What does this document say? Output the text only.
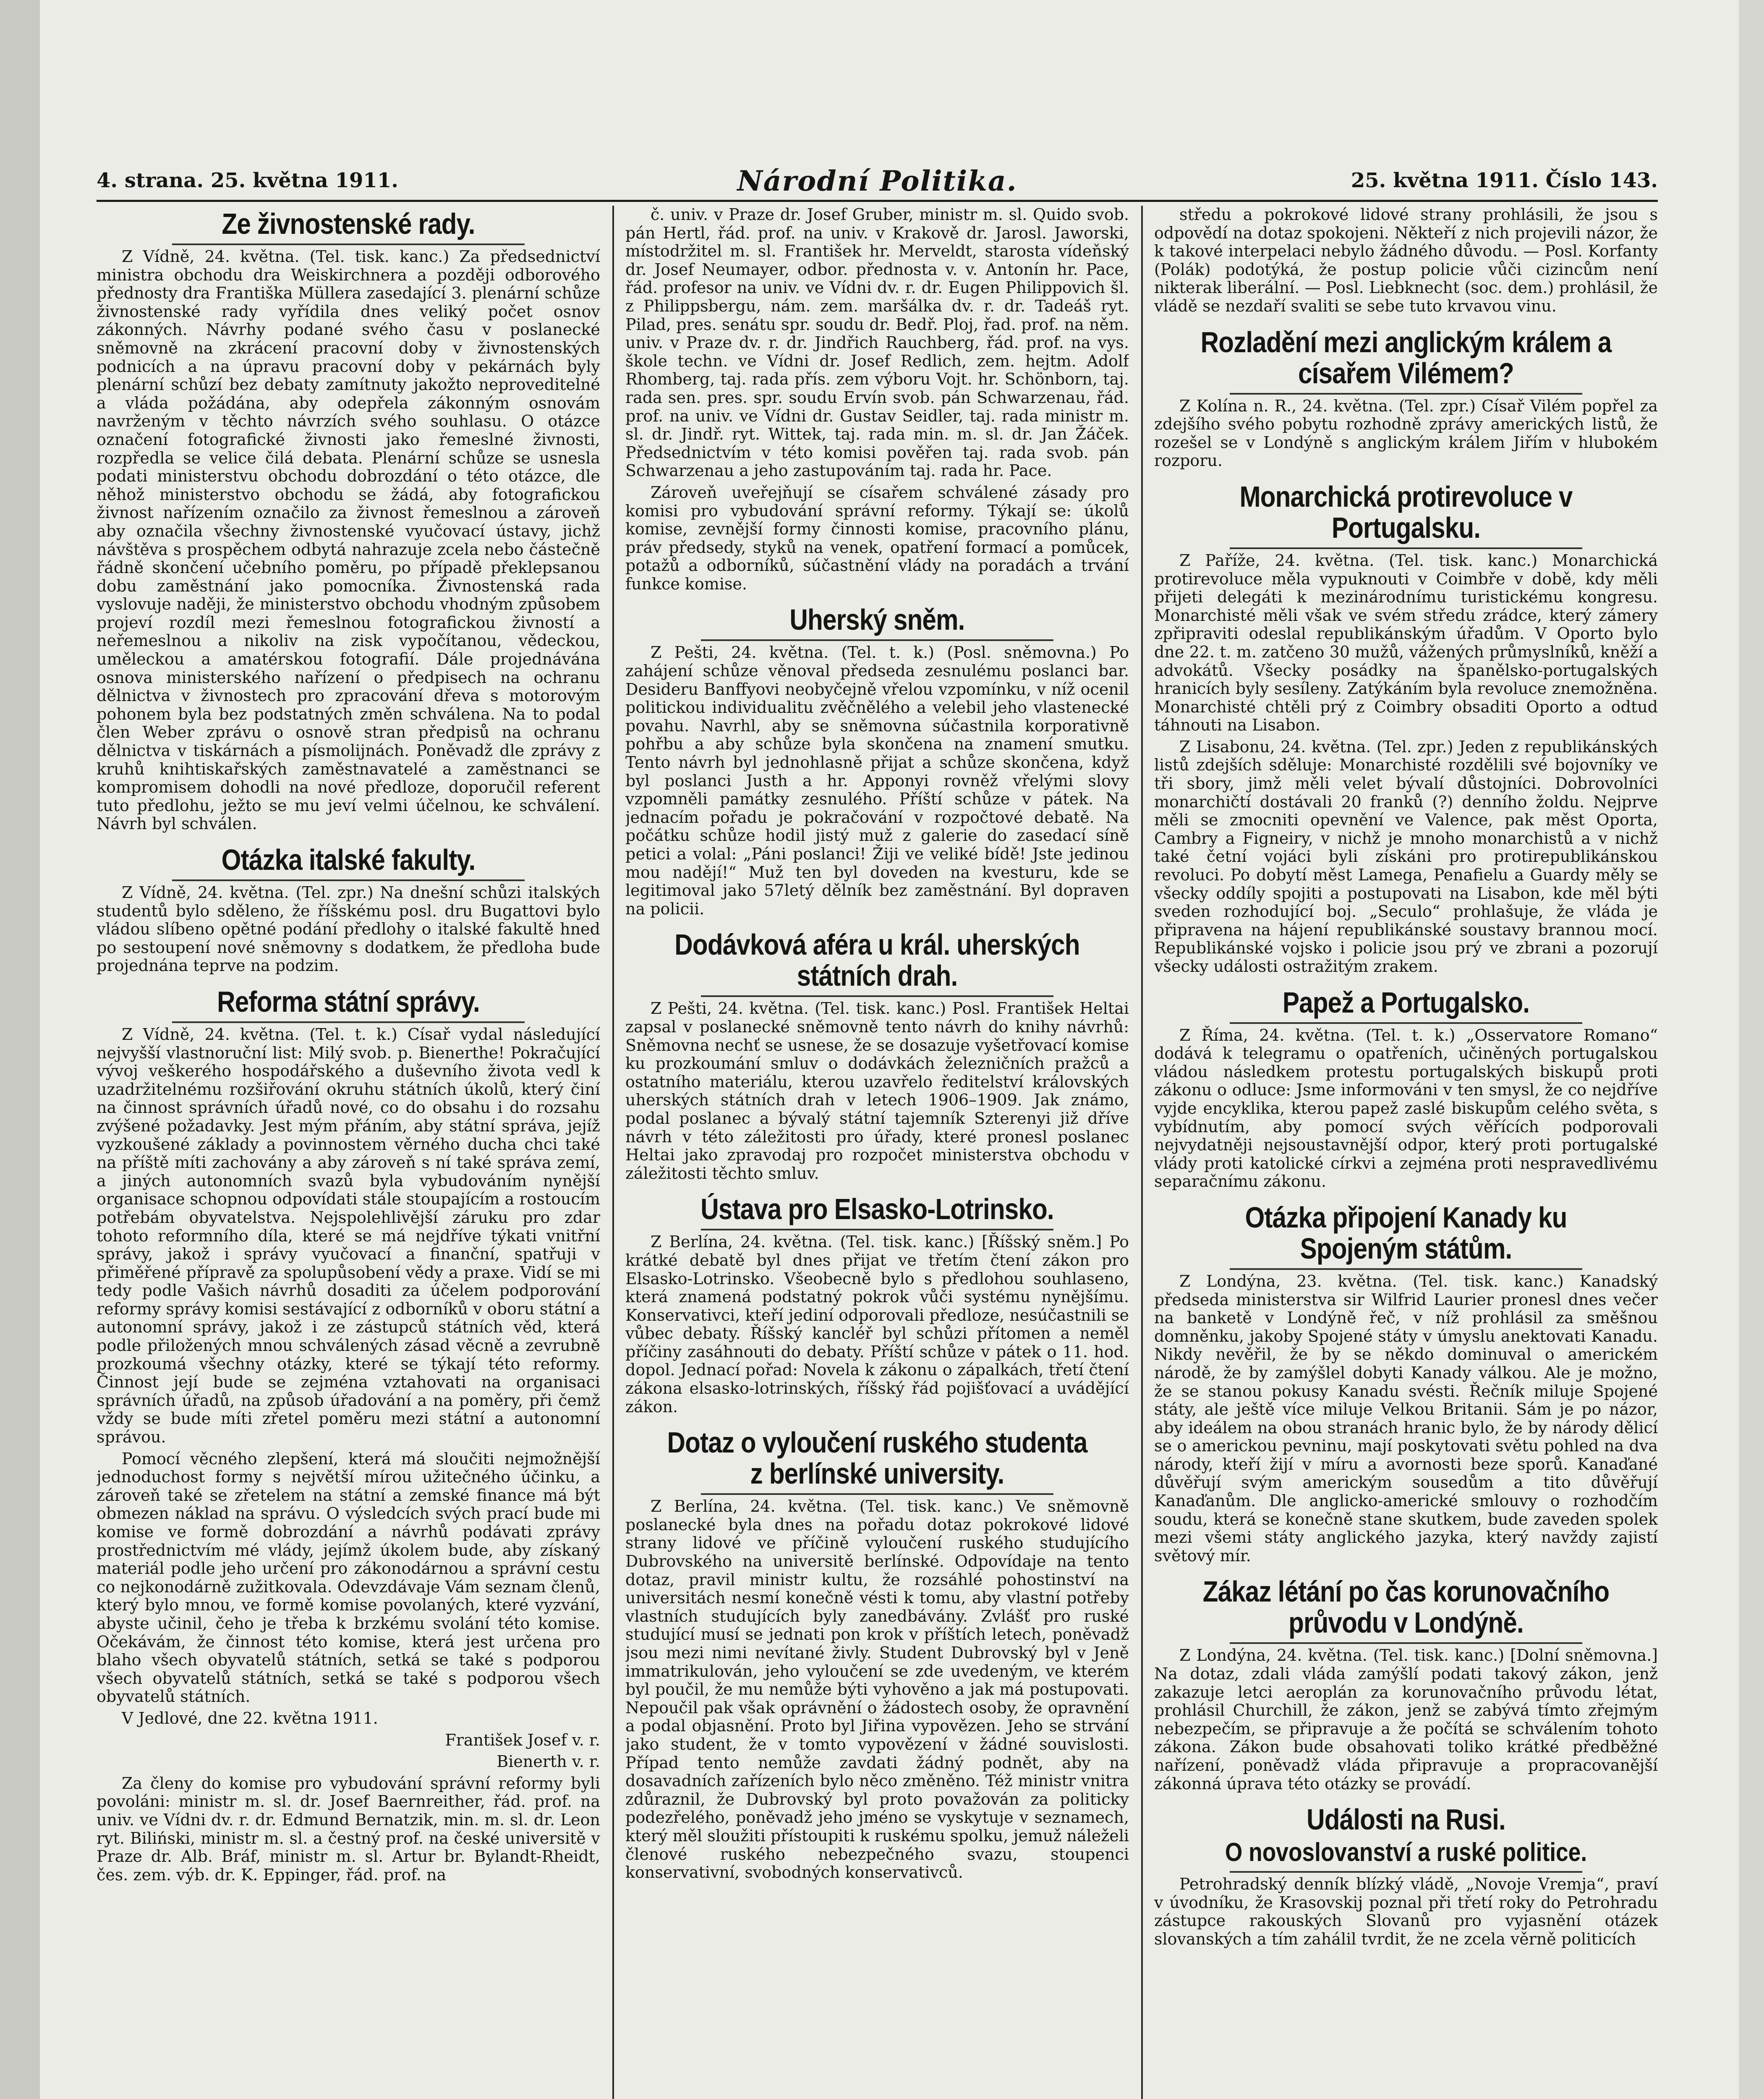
4. strana. 25. května 1911.	Národní Politika.	25. května 1911. Číslo 143.
Ze živnostenské rady.

Z Vídně, 24. května. (Tel. tisk. kanc.) Za předsednictví ministra obchodu dra Weiskirchnera a později odborového přednosty dra Františka Müllera zasedající 3. plenární schůze živnostenské rady vyřídila dnes veliký počet osnov zákonných. Návrhy podané svého času v poslanecké sněmovně na zkrácení pracovní doby v živnostenských podnicích a na úpravu pracovní doby v pekárnách byly plenární schůzí bez debaty zamítnuty jakožto neproveditelné a vláda požádána, aby odepřela zákonným osnovám navrženým v těchto návrzích svého souhlasu. O otázce označení fotografické živnosti jako řemeslné živnosti, rozpředla se velice čilá debata. Plenární schůze se usnesla podati ministerstvu obchodu dobrozdání o této otázce, dle něhož ministerstvo obchodu se žádá, aby fotografickou živnost nařízením označilo za živnost řemeslnou a zároveň aby označila všechny živnostenské vyučovací ústavy, jichž návštěva s prospěchem odbytá nahrazuje zcela nebo částečně řádně skončení učebního poměru, po případě překlepsanou dobu zaměstnání jako pomocníka. Živnostenská rada vyslovuje naději, že ministerstvo obchodu vhodným způsobem projeví rozdíl mezi řemeslnou fotografickou živností a neřemeslnou a nikoliv na zisk vypočítanou, vědeckou, uměleckou a amatérskou fotografií. Dále projednávána osnova ministerského nařízení o předpisech na ochranu dělnictva v živnostech pro zpracování dřeva s motorovým pohonem byla bez podstatných změn schválena. Na to podal člen Weber zprávu o osnově stran předpisů na ochranu dělnictva v tiskárnách a písmolijnách. Poněvadž dle zprávy z kruhů knihtiskařských zaměstnavatelé a zaměstnanci se kompromisem dohodli na nové předloze, doporučil referent tuto předlohu, ježto se mu jeví velmi účelnou, ke schválení. Návrh byl schválen.

Otázka italské fakulty.

Z Vídně, 24. května. (Tel. zpr.) Na dnešní schůzi italských studentů bylo sděleno, že říšskému posl. dru Bugattovi bylo vládou slíbeno opětné podání předlohy o italské fakultě hned po sestoupení nové sněmovny s dodatkem, že předloha bude projednána teprve na podzim.

Reforma státní správy.

Z Vídně, 24. května. (Tel. t. k.) Císař vydal následující nejvyšší vlastnoruční list: Milý svob. p. Bienerthe! Pokračující vývoj veškerého hospodářského a duševního života vedl k uzadržitelnému rozšiřování okruhu státních úkolů, který činí na činnost správních úřadů nové, co do obsahu i do rozsahu zvýšené požadavky. Jest mým přáním, aby státní správa, jejíž vyzkoušené základy a povinnostem věrného ducha chci také na příště míti zachovány a aby zároveň s ní také správa zemí, a jiných autonomních svazů byla vybudováním nynější organisace schopnou odpovídati stále stoupajícím a rostoucím potřebám obyvatelstva. Nejspolehlivější záruku pro zdar tohoto reformního díla, které se má nejdříve týkati vnitřní správy, jakož i správy vyučovací a finanční, spatřuji v přiměřené přípravě za spolupůsobení vědy a praxe. Vidí se mi tedy podle Vašich návrhů dosaditi za účelem podporování reformy správy komisi sestávající z odborníků v oboru státní a autonomní správy, jakož i ze zástupců státních věd, která podle přiložených mnou schválených zásad věcně a zevrubně prozkoumá všechny otázky, které se týkají této reformy. Činnost její bude se zejména vztahovati na organisaci správních úřadů, na způsob úřadování a na poměry, při čemž vždy se bude míti zřetel poměru mezi státní a autonomní správou.

Pomocí věcného zlepšení, která má sloučiti nejmožnější jednoduchost formy s největší mírou užitečného účinku, a zároveň také se zřetelem na státní a zemské finance má být obmezen náklad na správu. O výsledcích svých prací bude mi komise ve formě dobrozdání a návrhů podávati zprávy prostřednictvím mé vlády, jejímž úkolem bude, aby získaný materiál podle jeho určení pro zákonodárnou a správní cestu co nejkonodárně zužitkovala. Odevzdávaje Vám seznam členů, který bylo mnou, ve formě komise povolaných, které vyzvání, abyste učinil, čeho je třeba k brzkému svolání této komise. Očekávám, že činnost této komise, která jest určena pro blaho všech obyvatelů státních, setká se také s podporou všech obyvatelů státních, setká se také s podporou všech obyvatelů státních.

V Jedlové, dne 22. května 1911.

František Josef v. r.

Bienerth v. r.

Za členy do komise pro vybudování správní reformy byli povoláni: ministr m. sl. dr. Josef Baernreither, řád. prof. na univ. ve Vídni dv. r. dr. Edmund Bernatzik, min. m. sl. dr. Leon ryt. Biliński, ministr m. sl. a čestný prof. na české universitě v Praze dr. Alb. Bráf, ministr m. sl. Artur br. Bylandt-Rheidt, čes. zem. výb. dr. K. Eppinger, řád. prof. na

č. univ. v Praze dr. Josef Gruber, ministr m. sl. Quido svob. pán Hertl, řád. prof. na univ. v Krakově dr. Jarosl. Jaworski, místodržitel m. sl. František hr. Merveldt, starosta vídeňský dr. Josef Neumayer, odbor. přednosta v. v. Antonín hr. Pace, řád. profesor na univ. ve Vídni dv. r. dr. Eugen Philippovich šl. z Philippsbergu, nám. zem. maršálka dv. r. dr. Tadeáš ryt. Pilad, pres. senátu spr. soudu dr. Bedř. Ploj, řad. prof. na něm. univ. v Praze dv. r. dr. Jindřich Rauchberg, řád. prof. na vys. škole techn. ve Vídni dr. Josef Redlich, zem. hejtm. Adolf Rhomberg, taj. rada přís. zem výboru Vojt. hr. Schönborn, taj. rada sen. pres. spr. soudu Ervín svob. pán Schwarzenau, řád. prof. na univ. ve Vídni dr. Gustav Seidler, taj. rada ministr m. sl. dr. Jindř. ryt. Wittek, taj. rada min. m. sl. dr. Jan Žáček. Předsednictvím v této komisi pověřen taj. rada svob. pán Schwarzenau a jeho zastupováním taj. rada hr. Pace.

Zároveň uveřejňují se císařem schválené zásady pro komisi pro vybudování správní reformy. Týkají se: úkolů komise, zevnější formy činnosti komise, pracovního plánu, práv předsedy, styků na venek, opatření formací a pomůcek, potažů a odborníků, súčastnění vlády na poradách a trvání funkce komise.

Uherský sněm.

Z Pešti, 24. května. (Tel. t. k.) (Posl. sněmovna.) Po zahájení schůze věnoval předseda zesnulému poslanci bar. Desideru Banffyovi neobyčejně vřelou vzpomínku, v níž ocenil politickou individualitu zvěčnělého a velebil jeho vlastenecké povahu. Navrhl, aby se sněmovna súčastnila korporativně pohřbu a aby schůze byla skončena na znamení smutku. Tento návrh byl jednohlasně přijat a schůze skončena, když byl poslanci Justh a hr. Apponyi rovněž vřelými slovy vzpomněli památky zesnulého. Příští schůze v pátek. Na jednacím pořadu je pokračování v rozpočtové debatě. Na počátku schůze hodil jistý muž z galerie do zasedací síně petici a volal: „Páni poslanci! Žiji ve veliké bídě! Jste jedinou mou nadějí!“ Muž ten byl doveden na kvesturu, kde se legitimoval jako 57letý dělník bez zaměstnání. Byl dopraven na policii.

Dodávková aféra u král. uherských státních drah.

Z Pešti, 24. května. (Tel. tisk. kanc.) Posl. František Heltai zapsal v poslanecké sněmovně tento návrh do knihy návrhů: Sněmovna nechť se usnese, že se dosazuje vyšetřovací komise ku prozkoumání smluv o dodávkách železničních pražců a ostatního materiálu, kterou uzavřelo ředitelství královských uherských státních drah v letech 1906–1909. Jak známo, podal poslanec a bývalý státní tajemník Szterenyi již dříve návrh v této záležitosti pro úřady, které pronesl poslanec Heltai jako zpravodaj pro rozpočet ministerstva obchodu v záležitosti těchto smluv.

Ústava pro Elsasko-Lotrinsko.

Z Berlína, 24. května. (Tel. tisk. kanc.) [Říšský sněm.] Po krátké debatě byl dnes přijat ve třetím čtení zákon pro Elsasko-Lotrinsko. Všeobecně bylo s předlohou souhlaseno, která znamená podstatný pokrok vůči systému nynějšímu. Konservativci, kteří jediní odporovali předloze, nesúčastnili se vůbec debaty. Říšský kancléř byl schůzi přítomen a neměl příčiny zasáhnouti do debaty. Příští schůze v pátek o 11. hod. dopol. Jednací pořad: Novela k zákonu o zápalkách, třetí čtení zákona elsasko-lotrinských, říšský řád pojišťovací a uvádějící zákon.

Dotaz o vyloučení ruského studenta z berlínské university.

Z Berlína, 24. května. (Tel. tisk. kanc.) Ve sněmovně poslanecké byla dnes na pořadu dotaz pokrokové lidové strany lidové ve příčině vyloučení ruského studujícího Dubrovského na universitě berlínské. Odpovídaje na tento dotaz, pravil ministr kultu, že rozsáhlé pohostinství na universitách nesmí konečně vésti k tomu, aby vlastní potřeby vlastních studujících byly zanedbávány. Zvlášť pro ruské studující musí se jednati pon krok v příštích letech, poněvadž jsou mezi nimi nevítané živly. Student Dubrovský byl v Jeně immatrikulován, jeho vyloučení se zde uvedeným, ve kterém byl poučil, že mu nemůže býti vyhověno a jak má postupovati. Nepoučil pak však oprávnění o žádostech osoby, že opravnění a podal objasnění. Proto byl Jiřina vypovězen. Jeho se strvání jako student, že v tomto vypovězení v žádné souvislosti. Případ tento nemůže zavdati žádný podnět, aby na dosavadních zařízeních bylo něco změněno. Též ministr vnitra zdůraznil, že Dubrovský byl proto považován za politicky podezřelého, poněvadž jeho jméno se vyskytuje v seznamech, který měl sloužiti přístoupiti k ruskému spolku, jemuž náleželi členové ruského nebezpečného svazu, stoupenci konservativní, svobodných konservativců.

středu a pokrokové lidové strany prohlásili, že jsou s odpovědí na dotaz spokojeni. Někteří z nich projevili názor, že k takové interpelaci nebylo žádného důvodu. — Posl. Korfanty (Polák) podotýká, že postup policie vůči cizincům není nikterak liberální. — Posl. Liebknecht (soc. dem.) prohlásil, že vládě se nezdaří svaliti se sebe tuto krvavou vinu.

Rozladění mezi anglickým králem a císařem Vilémem?

Z Kolína n. R., 24. května. (Tel. zpr.) Císař Vilém popřel za zdejšího svého pobytu rozhodně zprávy amerických listů, že rozešel se v Londýně s anglickým králem Jiřím v hlubokém rozporu.

Monarchická protirevoluce v Portugalsku.

Z Paříže, 24. května. (Tel. tisk. kanc.) Monarchická protirevoluce měla vypuknouti v Coimbře v době, kdy měli přijeti delegáti k mezinárodnímu turistickému kongresu. Monarchisté měli však ve svém středu zrádce, který zámery zpřipraviti odeslal republikánským úřadům. V Oporto bylo dne 22. t. m. zatčeno 30 mužů, vážených průmyslníků, kněží a advokátů. Všecky posádky na španělsko-portugalských hranicích byly sesíleny. Zatýkáním byla revoluce znemožněna. Monarchisté chtěli prý z Coimbry obsaditi Oporto a odtud táhnouti na Lisabon.

Z Lisabonu, 24. května. (Tel. zpr.) Jeden z republikánských listů zdejších sděluje: Monarchisté rozdělili své bojovníky ve tři sbory, jimž měli velet bývalí důstojníci. Dobrovolníci monarchičtí dostávali 20 franků (?) denního žoldu. Nejprve měli se zmocniti opevnění ve Valence, pak měst Oporta, Cambry a Figneiry, v nichž je mnoho monarchistů a v nichž také četní vojáci byli získáni pro protirepublikánskou revoluci. Po dobytí měst Lamega, Penafielu a Guardy měly se všecky oddíly spojiti a postupovati na Lisabon, kde měl býti sveden rozhodující boj. „Seculo“ prohlašuje, že vláda je připravena na hájení republikánské soustavy brannou mocí. Republikánské vojsko i policie jsou prý ve zbrani a pozorují všecky události ostražitým zrakem.

Papež a Portugalsko.

Z Říma, 24. května. (Tel. t. k.) „Osservatore Romano“ dodává k telegramu o opatřeních, učiněných portugalskou vládou následkem protestu portugalských biskupů proti zákonu o odluce: Jsme informováni v ten smysl, že co nejdříve vyjde encyklika, kterou papež zaslé biskupům celého světa, s vybídnutím, aby pomocí svých věřících podporovali nejvydatněji nejsoustavnější odpor, který proti portugalské vlády proti katolické církvi a zejména proti nespravedlivému separačnímu zákonu.

Otázka připojení Kanady ku Spojeným státům.

Z Londýna, 23. května. (Tel. tisk. kanc.) Kanadský předseda ministerstva sir Wilfrid Laurier pronesl dnes večer na banketě v Londýně řeč, v níž prohlásil za směšnou domněnku, jakoby Spojené státy v úmyslu anektovati Kanadu. Nikdy nevěřil, že by se někdo dominuval o americkém národě, že by zamýšlel dobyti Kanady válkou. Ale je možno, že se stanou pokusy Kanadu svésti. Řečník miluje Spojené státy, ale ještě více miluje Velkou Britanii. Sám je po názor, aby ideálem na obou stranách hranic bylo, že by národy dělicí se o americkou pevninu, mají poskytovati světu pohled na dva národy, kteří žijí v míru a avornosti beze sporů. Kanaďané důvěřují svým americkým sousedům a tito důvěřují Kanaďanům. Dle anglicko-americké smlouvy o rozhodčím soudu, která se konečně stane skutkem, bude zaveden spolek mezi všemi státy anglického jazyka, který navždy zajistí světový mír.

Zákaz létání po čas korunovačního průvodu v Londýně.

Z Londýna, 24. května. (Tel. tisk. kanc.) [Dolní sněmovna.] Na dotaz, zdali vláda zamýšlí podati takový zákon, jenž zakazuje letci aeroplán za korunovačního průvodu létat, prohlásil Churchill, že zákon, jenž se zabývá tímto zřejmým nebezpečím, se připravuje a že počítá se schválením tohoto zákona. Zákon bude obsahovati toliko krátké předběžné nařízení, poněvadž vláda připravuje a propracovanější zákonná úprava této otázky se provádí.

Události na Rusi.
O novoslovanství a ruské politice.

Petrohradský denník blízký vládě, „Novoje Vremja“, praví v úvodníku, že Krasovskij poznal při třetí roky do Petrohradu zástupce rakouských Slovanů pro vyjasnění otázek slovanských a tím zahálil tvrdit, že ne zcela věrně politicích
